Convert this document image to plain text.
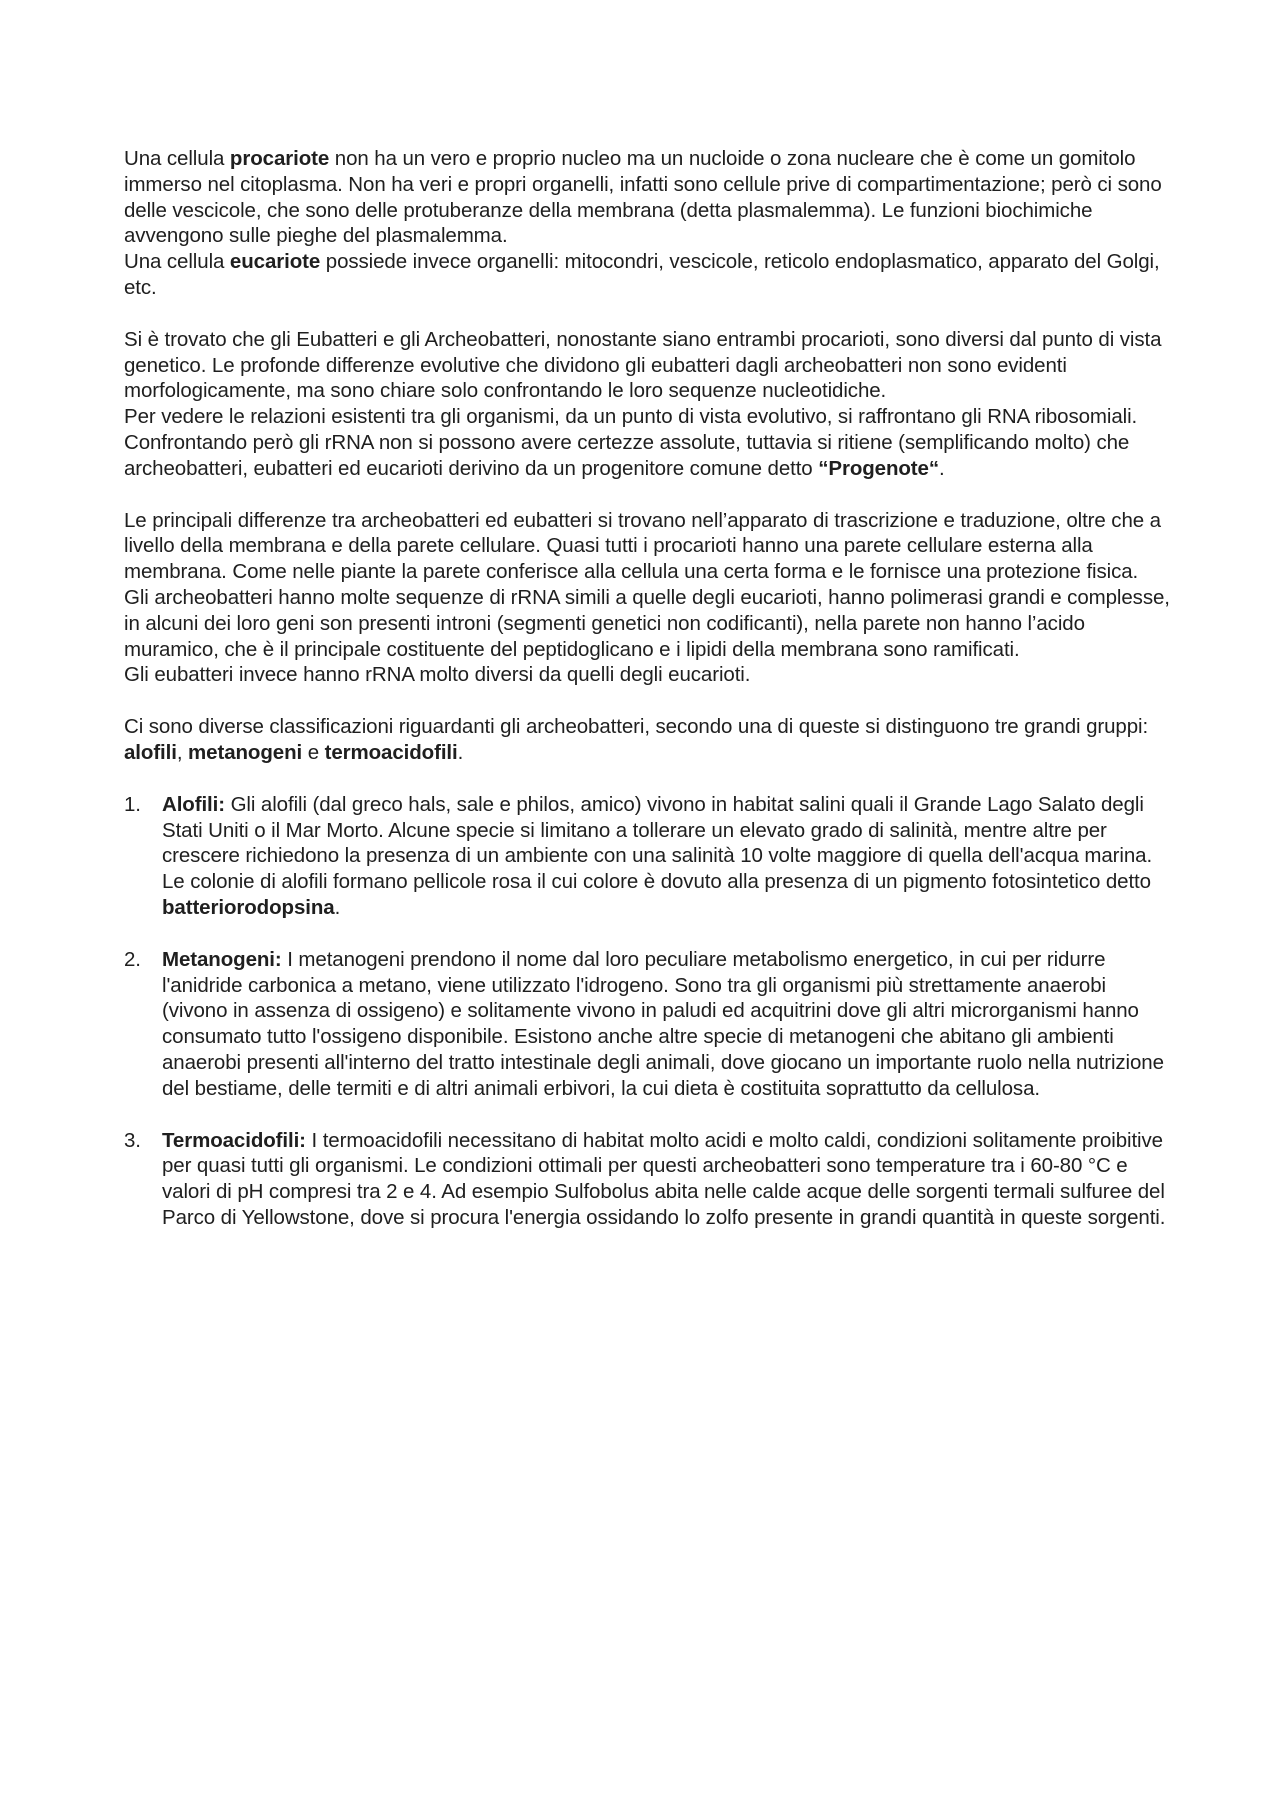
Una cellula procariote non ha un vero e proprio nucleo ma un nucloide o zona nucleare che è come un gomitolo immerso nel citoplasma. Non ha veri e propri organelli, infatti sono cellule prive di compartimentazione; però ci sono delle vescicole, che sono delle protuberanze della membrana (detta plasmalemma). Le funzioni biochimiche avvengono sulle pieghe del plasmalemma.

Una cellula eucariote possiede invece organelli: mitocondri, vescicole, reticolo endoplasmatico, apparato del Golgi, etc.

Si è trovato che gli Eubatteri e gli Archeobatteri, nonostante siano entrambi procarioti, sono diversi dal punto di vista genetico. Le profonde differenze evolutive che dividono gli eubatteri dagli archeobatteri non sono evidenti morfologicamente, ma sono chiare solo confrontando le loro sequenze nucleotidiche.

Per vedere le relazioni esistenti tra gli organismi, da un punto di vista evolutivo, si raffrontano gli RNA ribosomiali. Confrontando però gli rRNA non si possono avere certezze assolute, tuttavia si ritiene (semplificando molto) che archeobatteri, eubatteri ed eucarioti derivino da un progenitore comune detto “Progenote“.

Le principali differenze tra archeobatteri ed eubatteri si trovano nell’apparato di trascrizione e traduzione, oltre che a livello della membrana e della parete cellulare. Quasi tutti i procarioti hanno una parete cellulare esterna alla membrana. Come nelle piante la parete conferisce alla cellula una certa forma e le fornisce una protezione fisica.

Gli archeobatteri hanno molte sequenze di rRNA simili a quelle degli eucarioti, hanno polimerasi grandi e complesse, in alcuni dei loro geni son presenti introni (segmenti genetici non codificanti), nella parete non hanno l’acido muramico, che è il principale costituente del peptidoglicano e i lipidi della membrana sono ramificati.

Gli eubatteri invece hanno rRNA molto diversi da quelli degli eucarioti.

Ci sono diverse classificazioni riguardanti gli archeobatteri, secondo una di queste si distinguono tre grandi gruppi: alofili, metanogeni e termoacidofili.

1. Alofili: Gli alofili (dal greco hals, sale e philos, amico) vivono in habitat salini quali il Grande Lago Salato degli Stati Uniti o il Mar Morto. Alcune specie si limitano a tollerare un elevato grado di salinità, mentre altre per crescere richiedono la presenza di un ambiente con una salinità 10 volte maggiore di quella dell'acqua marina. Le colonie di alofili formano pellicole rosa il cui colore è dovuto alla presenza di un pigmento fotosintetico detto batteriorodopsina.
2. Metanogeni: I metanogeni prendono il nome dal loro peculiare metabolismo energetico, in cui per ridurre l'anidride carbonica a metano, viene utilizzato l'idrogeno. Sono tra gli organismi più strettamente anaerobi (vivono in assenza di ossigeno) e solitamente vivono in paludi ed acquitrini dove gli altri microrganismi hanno consumato tutto l'ossigeno disponibile. Esistono anche altre specie di metanogeni che abitano gli ambienti anaerobi presenti all'interno del tratto intestinale degli animali, dove giocano un importante ruolo nella nutrizione del bestiame, delle termiti e di altri animali erbivori, la cui dieta è costituita soprattutto da cellulosa.
3. Termoacidofili: I termoacidofili necessitano di habitat molto acidi e molto caldi, condizioni solitamente proibitive per quasi tutti gli organismi. Le condizioni ottimali per questi archeobatteri sono temperature tra i 60-80 °C e valori di pH compresi tra 2 e 4. Ad esempio Sulfobolus abita nelle calde acque delle sorgenti termali sulfuree del Parco di Yellowstone, dove si procura l'energia ossidando lo zolfo presente in grandi quantità in queste sorgenti.
